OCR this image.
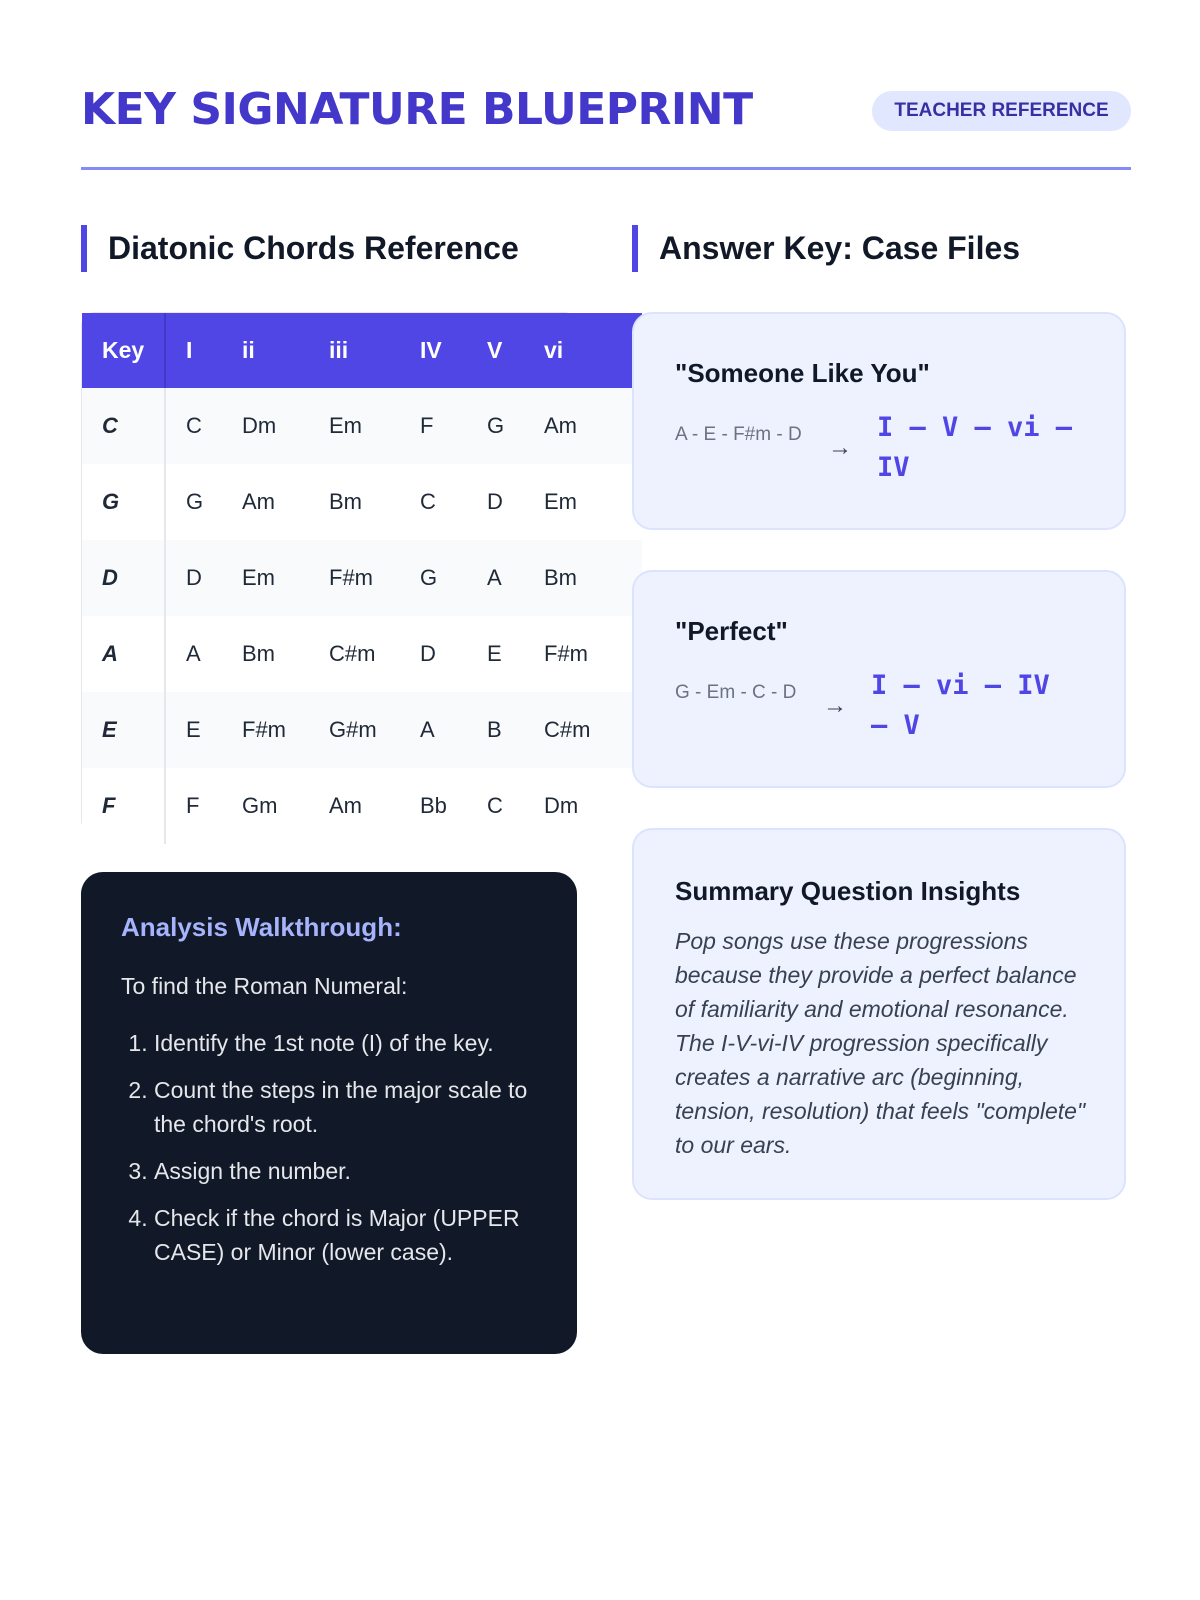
KEY SIGNATURE BLUEPRINT	TEACHER REFERENCE
Diatonic Chords Reference	Answer Key: Case Files
Key	I	ii	iii	IV	V	vi
C	C	Dm	Em	F	G	Am
G	G	Am	Bm	C	D	Em
D	D	Em	F#m	G	A	Bm
A	A	Bm	C#m	D	E	F#m
E	E	F#m	G#m	A	B	C#m
F	F	Gm	Am	Bb	C	Dm

Analysis Walkthrough:

To find the Roman Numeral:

1. Identify the 1st note (I) of the key.
2. Count the steps in the major scale to the chord's root.
3. Assign the number.
4. Check if the chord is Major (UPPER CASE) or Minor (lower case).
"Someone Like You"
A - E - F#m - D	→
I – V – vi – IV
"Perfect"
G - Em - C - D	→
I – vi – IV – V
Summary Question Insights
Pop songs use these progressions because they provide a perfect balance of familiarity and emotional resonance. The I-V-vi-IV progression specifically creates a narrative arc (beginning, tension, resolution) that feels "complete" to our ears.
